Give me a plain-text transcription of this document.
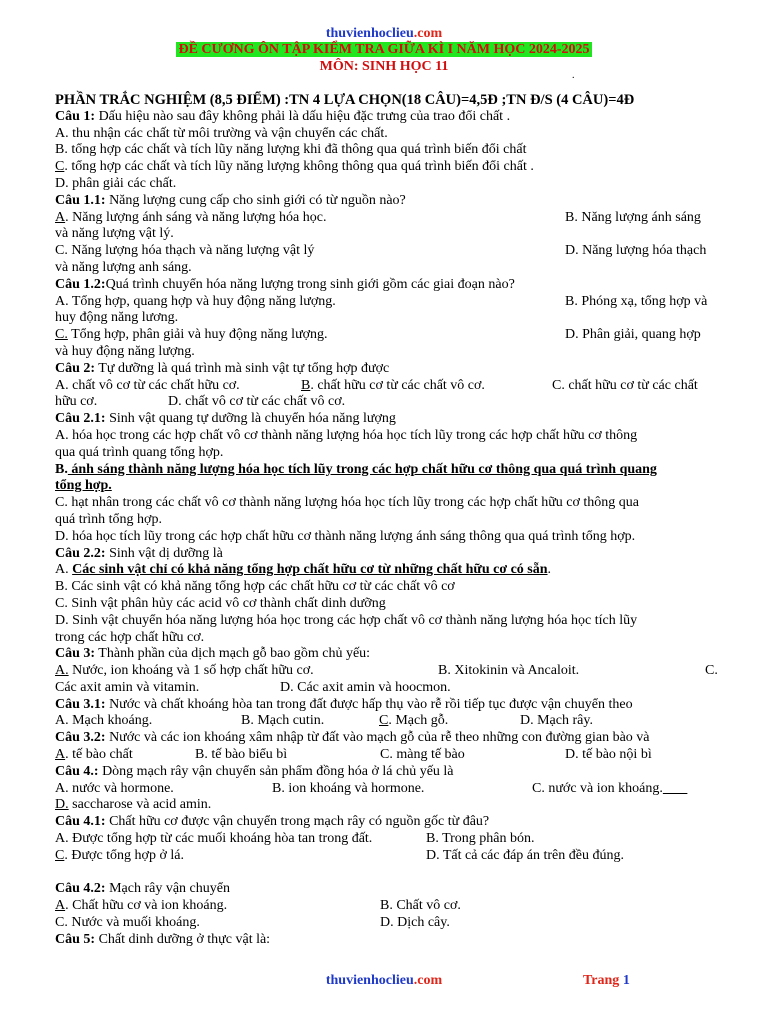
thuvienhoclieu.com
ĐỀ CƯƠNG ÔN TẬP KIỂM TRA GIỮA KÌ I NĂM HỌC 2024-2025
MÔN: SINH HỌC 11
.
PHẦN TRẮC NGHIỆM (8,5 ĐIỂM) :TN 4 LỰA CHỌN(18 CÂU)=4,5Đ ;TN Đ/S (4 CÂU)=4Đ
Câu 1: Dấu hiệu nào sau đây không phải là dấu hiệu đặc trưng của trao đổi chất .
A. thu nhận các chất từ môi trường và vận chuyển các chất.
B. tổng hợp các chất và tích lũy năng lượng khi đã thông qua quá trình biến đổi chất
C. tổng hợp các chất và tích lũy năng lượng không thông qua quá trình biến đổi chất .
D. phân giải các chất.
Câu 1.1: Năng lượng cung cấp cho sinh giới có từ nguồn nào?
A. Năng lượng ánh sáng và năng lượng hóa học.	B. Năng lượng ánh sáng
và năng lượng vật lý.
C. Năng lượng hóa thạch và năng lượng vật lý	D. Năng lượng hóa thạch
và năng lượng anh sáng.
Câu 1.2:Quá trình chuyển hóa năng lượng trong sinh giới gồm các giai đoạn nào?
A. Tổng hợp, quang hợp và huy động năng lượng.	B. Phóng xạ, tổng hợp và
huy động năng lương.
C. Tổng hợp, phân giải và huy động năng lượng.	D. Phân giải, quang hợp
và huy động năng lượng.
Câu 2: Tự dưỡng là quá trình mà sinh vật tự tổng hợp được
A. chất vô cơ từ các chất hữu cơ.	B. chất hữu cơ từ các chất vô cơ.	C. chất hữu cơ từ các chất
hữu cơ.	D. chất vô cơ từ các chất vô cơ.
Câu 2.1: Sinh vật quang tự dưỡng là chuyển hóa năng lượng
A. hóa học trong các hợp chất vô cơ thành năng lượng hóa học tích lũy trong các hợp chất hữu cơ thông
qua quá trình quang tổng hợp.
B. ánh sáng thành năng lượng hóa học tích lũy trong các hợp chất hữu cơ thông qua quá trình quang
tổng hợp.
C. hạt nhân trong các chất vô cơ thành năng lượng hóa học tích lũy trong các hợp chất hữu cơ thông qua
quá trình tổng hợp.
D. hóa học tích lũy trong các hợp chất hữu cơ thành năng lượng ánh sáng thông qua quá trình tổng hợp.
Câu 2.2: Sinh vật dị dưỡng là
A. Các sinh vật chỉ có khả năng tổng hợp chất hữu cơ từ những chất hữu cơ có sẵn.
B. Các sinh vật có khả năng tổng hợp các chất hữu cơ từ các chất vô cơ
C. Sinh vật phân hủy các acid vô cơ thành chất dinh dưỡng
D. Sinh vật chuyển hóa năng lượng hóa học trong các hợp chất vô cơ thành năng lượng hóa học tích lũy
trong các hợp chất hữu cơ.
Câu 3: Thành phần của dịch mạch gỗ bao gồm chủ yếu:
A. Nước, ion khoáng và 1 số hợp chất hữu cơ.	B. Xitokinin và Ancaloit.	C.
Các axit amin và vitamin.	D. Các axit amin và hoocmon.
Câu 3.1: Nước và chất khoáng hòa tan trong đất được hấp thụ vào rễ rồi tiếp tục được vận chuyển theo
A. Mạch khoáng.	B. Mạch cutin.	C. Mạch gỗ.	D. Mạch rây.
Câu 3.2: Nước và các ion khoáng xâm nhập từ đất vào mạch gỗ của rễ theo những con đường gian bào và
A. tế bào chất	B. tế bào biểu bì	C. màng tế bào	D. tế bào nội bì
Câu 4.: Dòng mạch rây vận chuyển sản phẩm đồng hóa ở lá chủ yếu là
A. nước và hormone.	B. ion khoáng và hormone.	C. nước và ion khoáng.
D. saccharose và acid amin.
Câu 4.1: Chất hữu cơ được vận chuyển trong mạch rây có nguồn gốc từ đâu?
A. Được tổng hợp từ các muối khoáng hòa tan trong đất.	B. Trong phân bón.
C. Được tổng hợp ở lá.	D. Tất cả các đáp án trên đều đúng.
Câu 4.2: Mạch rây vận chuyển
A. Chất hữu cơ và ion khoáng.	B. Chất vô cơ.
C. Nước và muối khoáng.	D. Dịch cây.
Câu 5: Chất dinh dưỡng ở thực vật là:
thuvienhoclieu.com	Trang 1
